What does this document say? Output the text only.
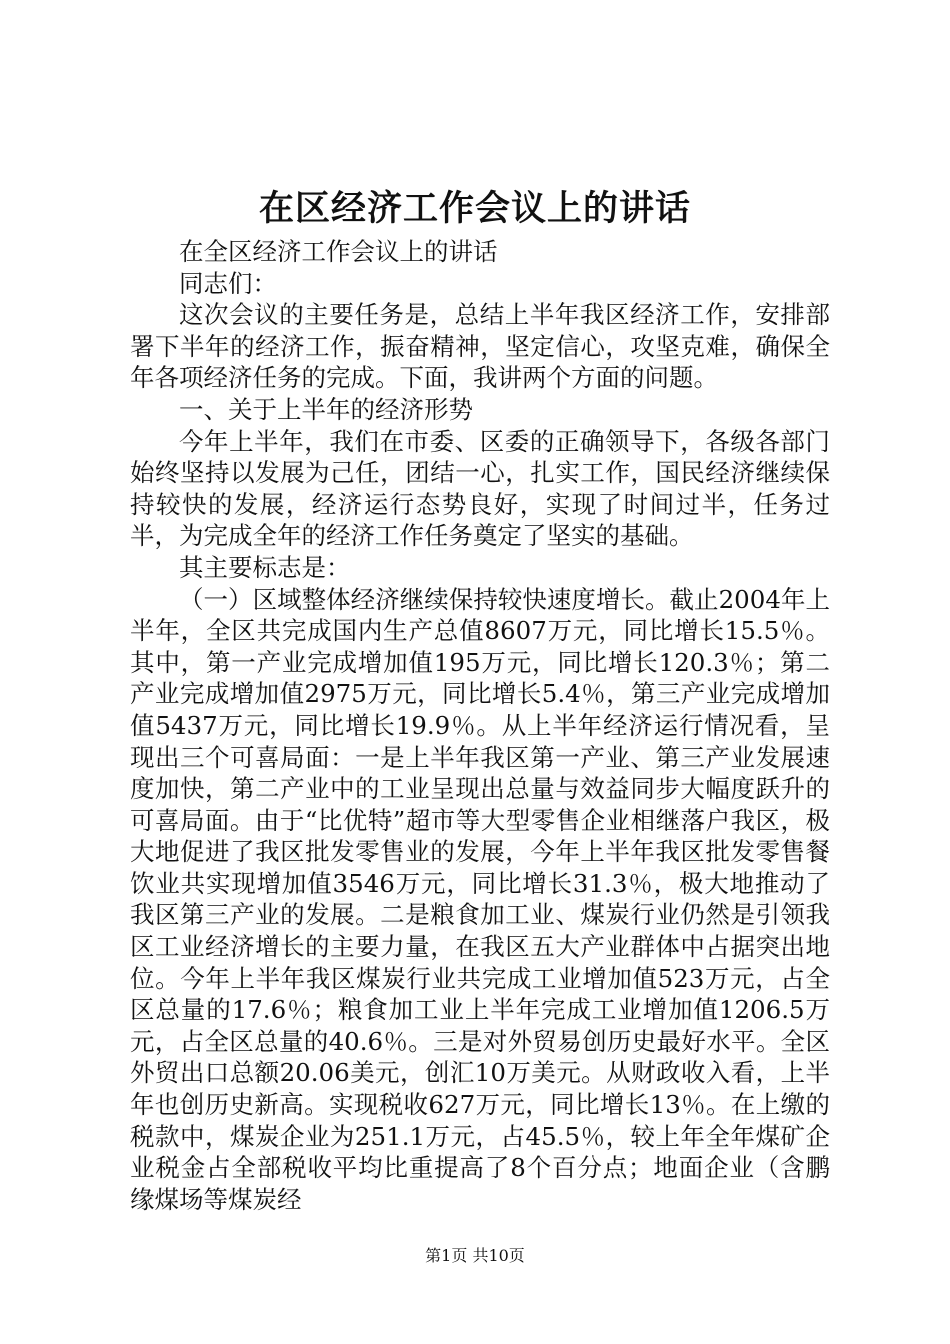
在区经济工作会议上的讲话

在全区经济工作会议上的讲话

同志们：

这次会议的主要任务是，总结上半年我区经济工作，安排部署下半年的经济工作，振奋精神，坚定信心，攻坚克难，确保全年各项经济任务的完成。下面，我讲两个方面的问题。

一、关于上半年的经济形势

今年上半年，我们在市委、区委的正确领导下，各级各部门始终坚持以发展为己任，团结一心，扎实工作，国民经济继续保持较快的发展，经济运行态势良好，实现了时间过半，任务过半，为完成全年的经济工作任务奠定了坚实的基础。

其主要标志是：

（一）区域整体经济继续保持较快速度增长。截止2004年上半年，全区共完成国内生产总值8607万元，同比增长15.5％。其中，第一产业完成增加值195万元，同比增长120.3％；第二产业完成增加值2975万元，同比增长5.4％，第三产业完成增加值5437万元，同比增长19.9％。从上半年经济运行情况看，呈现出三个可喜局面：一是上半年我区第一产业、第三产业发展速度加快，第二产业中的工业呈现出总量与效益同步大幅度跃升的可喜局面。由于“比优特”超市等大型零售企业相继落户我区，极大地促进了我区批发零售业的发展，今年上半年我区批发零售餐饮业共实现增加值3546万元，同比增长31.3％，极大地推动了我区第三产业的发展。二是粮食加工业、煤炭行业仍然是引领我区工业经济增长的主要力量，在我区五大产业群体中占据突出地位。今年上半年我区煤炭行业共完成工业增加值523万元，占全区总量的17.6％；粮食加工业上半年完成工业增加值1206.5万元，占全区总量的40.6％。三是对外贸易创历史最好水平。全区外贸出口总额20.06美元，创汇10万美元。从财政收入看，上半年也创历史新高。实现税收627万元，同比增长13％。在上缴的税款中，煤炭企业为251.1万元，占45.5％，较上年全年煤矿企业税金占全部税收平均比重提高了8个百分点；地面企业（含鹏缘煤场等煤炭经

第1页 共10页
